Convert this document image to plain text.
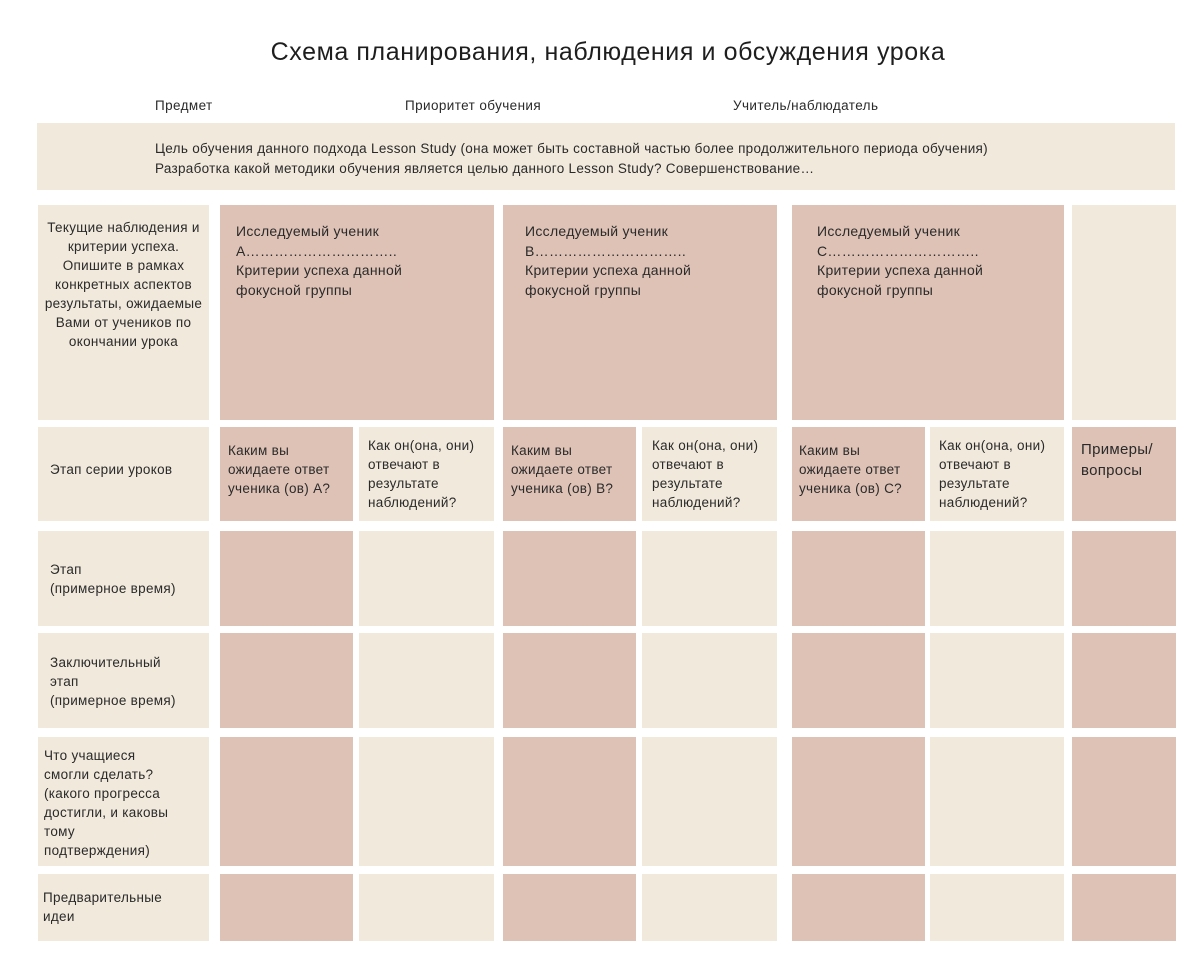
Схема планирования, наблюдения и обсуждения урока
Предмет	Приоритет обучения	Учитель/наблюдатель
Цель обучения данного подхода Lesson Study (она может быть составной частью более продолжительного периода обучения) Разработка какой методики обучения является целью данного Lesson Study? Совершенствование…
Текущие наблюдения и критерии успеха. Опишите в рамках конкретных аспектов результаты, ожидаемые Вами от учеников по окончании урока
Исследуемый ученик
А…………………………..
Критерии успеха данной
фокусной группы
Исследуемый ученик
В…………………………..
Критерии успеха данной
фокусной группы
Исследуемый ученик
С…………………………..
Критерии успеха данной
фокусной группы
Этап серии уроков
Каким вы
ожидаете ответ
ученика (ов) А?
Как он(она, они)
отвечают в
результате
наблюдений?
Каким вы
ожидаете ответ
ученика (ов) В?
Как он(она, они)
отвечают в
результате
наблюдений?
Каким вы
ожидаете ответ
ученика (ов) С?
Как он(она, они)
отвечают в
результате
наблюдений?
Примеры/
вопросы
Этап
(примерное время)
Заключительный
этап
(примерное время)
Что учащиеся
смогли сделать?
(какого прогресса
достигли, и каковы
тому
подтверждения)
Предварительные
идеи
